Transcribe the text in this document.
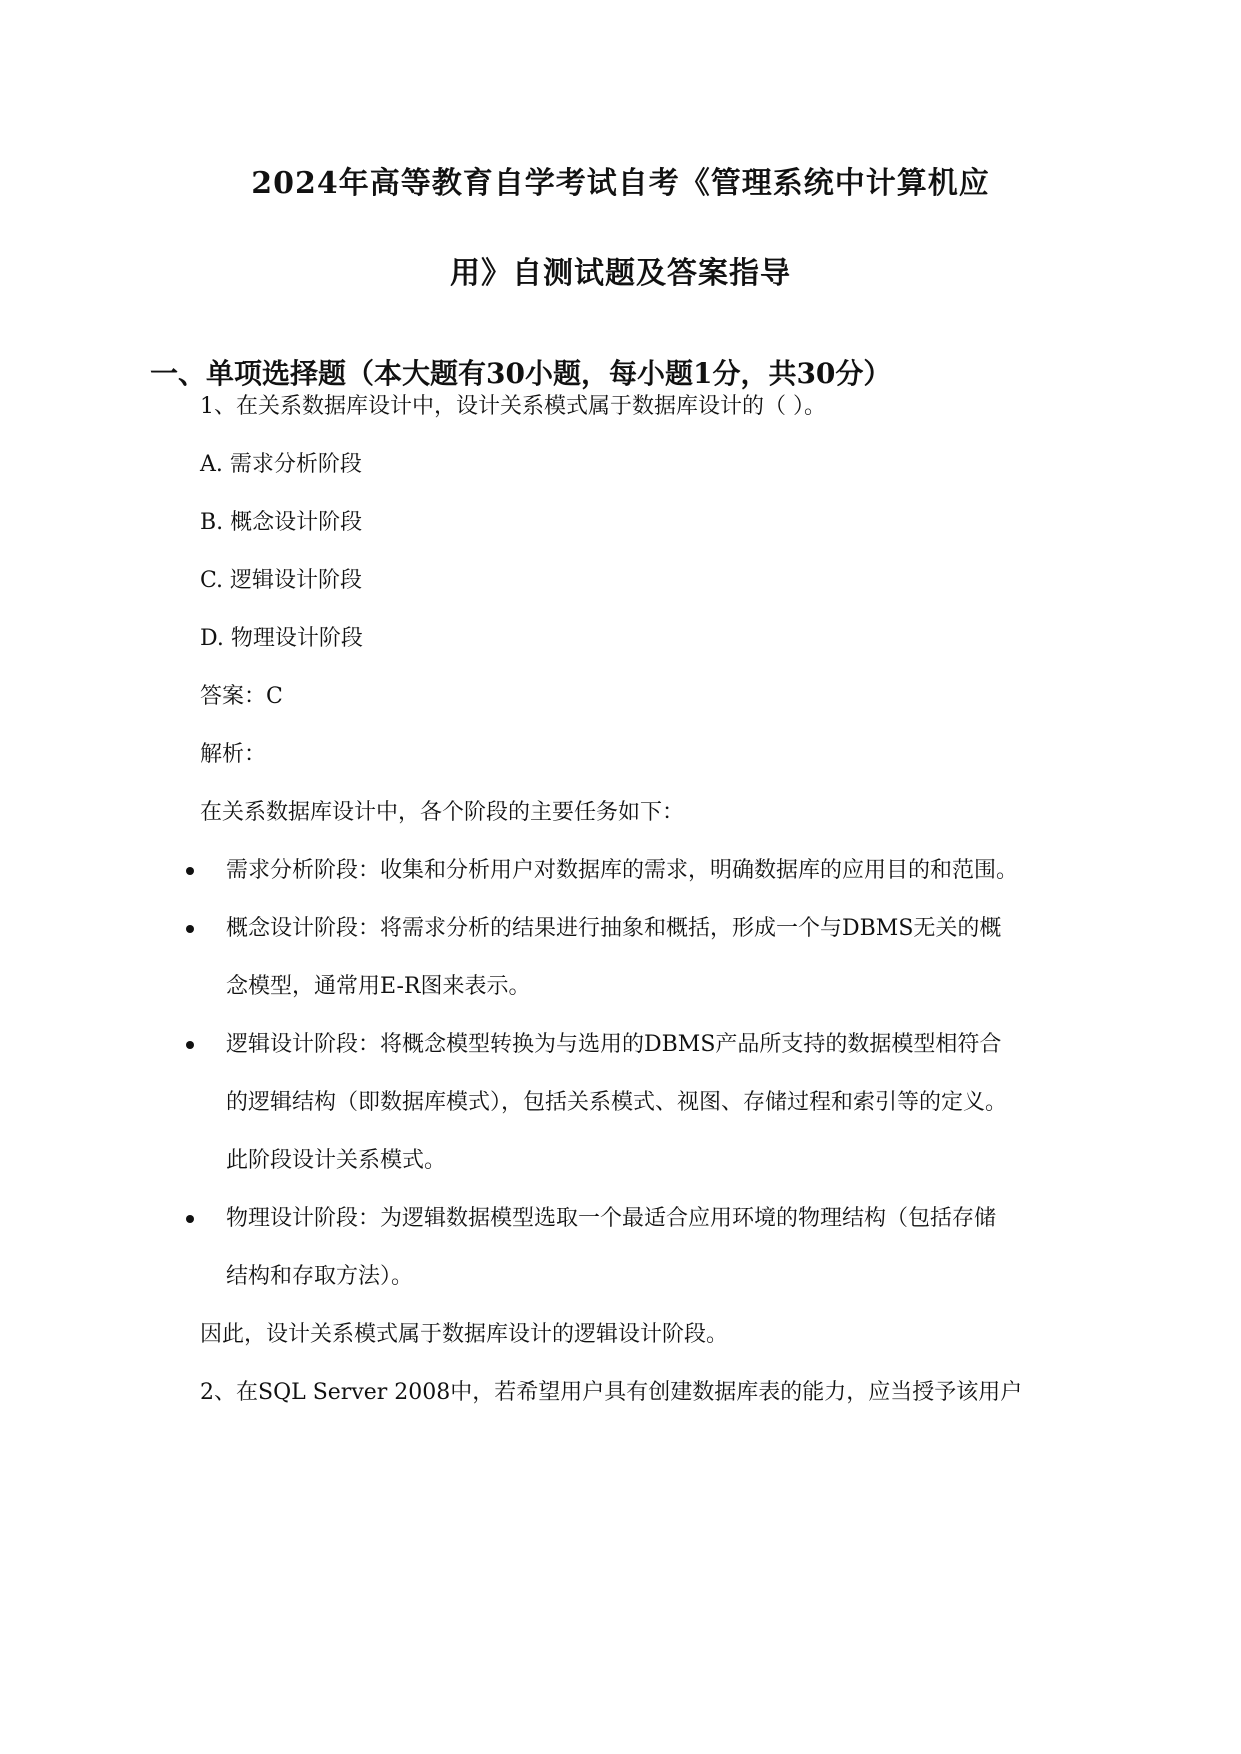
2024年高等教育自学考试自考《管理系统中计算机应
用》自测试题及答案指导
一、单项选择题（本大题有30小题，每小题1分，共30分）
1、在关系数据库设计中，设计关系模式属于数据库设计的（ ）。
A. 需求分析阶段
B. 概念设计阶段
C. 逻辑设计阶段
D. 物理设计阶段
答案：C
解析：
在关系数据库设计中，各个阶段的主要任务如下：
需求分析阶段：收集和分析用户对数据库的需求，明确数据库的应用目的和范围。
概念设计阶段：将需求分析的结果进行抽象和概括，形成一个与DBMS无关的概
念模型，通常用E-R图来表示。
逻辑设计阶段：将概念模型转换为与选用的DBMS产品所支持的数据模型相符合
的逻辑结构（即数据库模式），包括关系模式、视图、存储过程和索引等的定义。
此阶段设计关系模式。
物理设计阶段：为逻辑数据模型选取一个最适合应用环境的物理结构（包括存储
结构和存取方法）。
因此，设计关系模式属于数据库设计的逻辑设计阶段。
2、在SQL Server 2008中，若希望用户具有创建数据库表的能力，应当授予该用户
